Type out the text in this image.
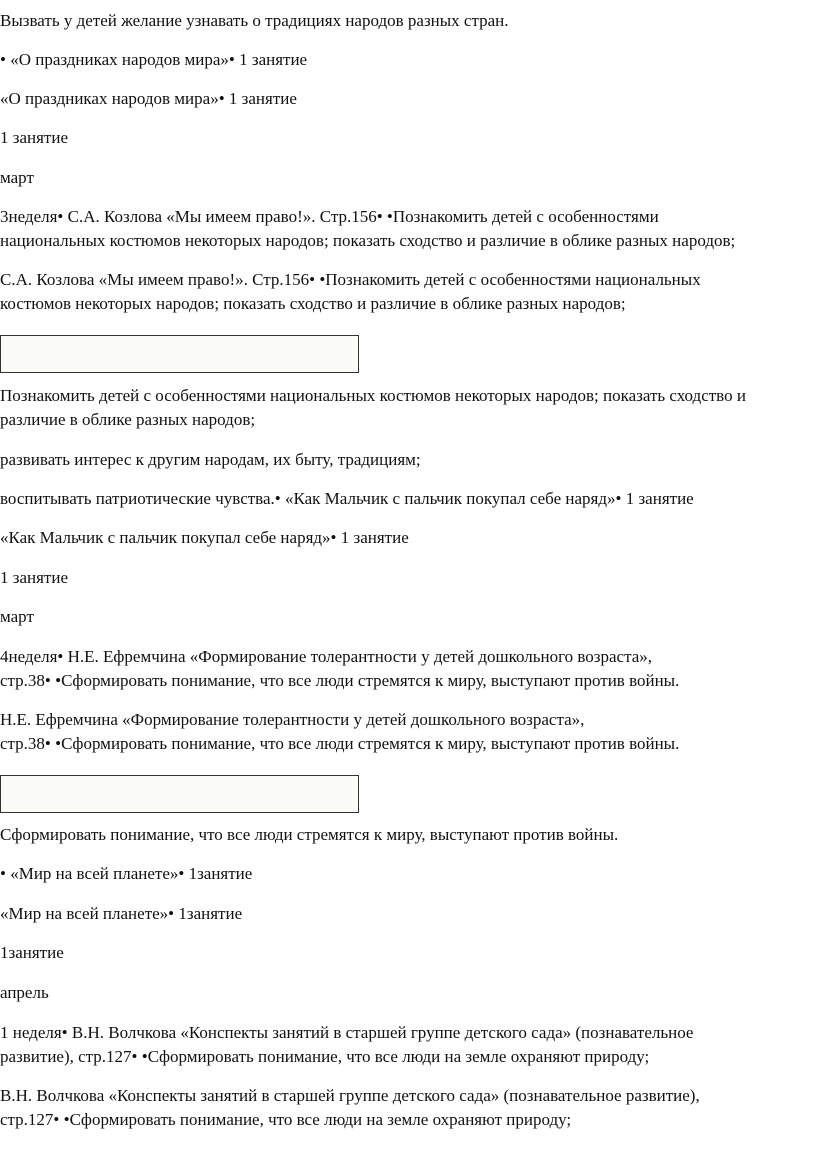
Вызвать у детей желание узнавать о традициях народов разных стран.

• «О праздниках народов мира»• 1 занятие

«О праздниках народов мира»• 1 занятие

1 занятие

март

3неделя• С.А. Козлова «Мы имеем право!». Стр.156• •Познакомить детей с особенностями
национальных костюмов некоторых народов; показать сходство и различие в облике разных народов;

С.А. Козлова «Мы имеем право!». Стр.156• •Познакомить детей с особенностями национальных
костюмов некоторых народов; показать сходство и различие в облике разных народов;

Познакомить детей с особенностями национальных костюмов некоторых народов; показать сходство и
различие в облике разных народов;

развивать интерес к другим народам, их быту, традициям;

воспитывать патриотические чувства.• «Как Мальчик с пальчик покупал себе наряд»• 1 занятие

«Как Мальчик с пальчик покупал себе наряд»• 1 занятие

1 занятие

март

4неделя• Н.Е. Ефремчина «Формирование толерантности у детей дошкольного возраста»,
стр.38• •Сформировать понимание, что все люди стремятся к миру, выступают против войны.

Н.Е. Ефремчина «Формирование толерантности у детей дошкольного возраста»,
стр.38• •Сформировать понимание, что все люди стремятся к миру, выступают против войны.

Сформировать понимание, что все люди стремятся к миру, выступают против войны.

• «Мир на всей планете»• 1занятие

«Мир на всей планете»• 1занятие

1занятие

апрель

1 неделя• В.Н. Волчкова «Конспекты занятий в старшей группе детского сада» (познавательное
развитие), стр.127• •Сформировать понимание, что все люди на земле охраняют природу;

В.Н. Волчкова «Конспекты занятий в старшей группе детского сада» (познавательное развитие),
стр.127• •Сформировать понимание, что все люди на земле охраняют природу;
